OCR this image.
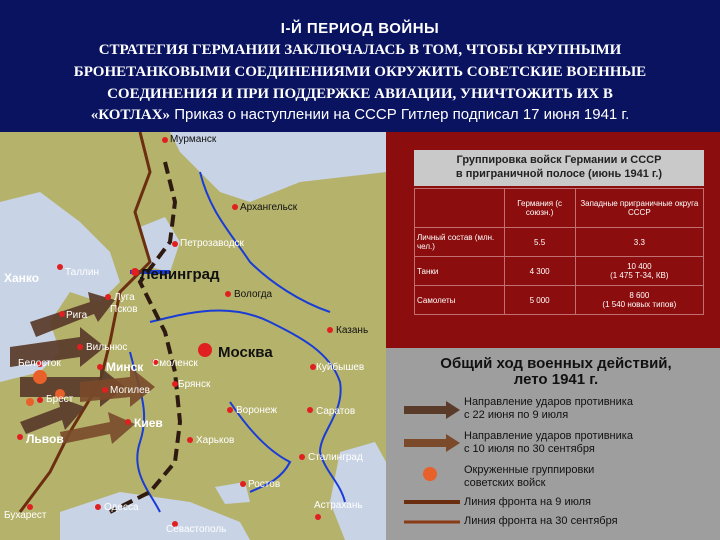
I-Й ПЕРИОД ВОЙНЫ
СТРАТЕГИЯ ГЕРМАНИИ ЗАКЛЮЧАЛАСЬ В ТОМ, ЧТОБЫ КРУПНЫМИ
БРОНЕТАНКОВЫМИ СОЕДИНЕНИЯМИ ОКРУЖИТЬ СОВЕТСКИЕ ВОЕННЫЕ
СОЕДИНЕНИЯ И ПРИ ПОДДЕРЖКЕ АВИАЦИИ, УНИЧТОЖИТЬ ИХ В
«КОТЛАХ» Приказ о наступлении на СССР Гитлер подписал 17 июня 1941 г.
Мурманск
Архангельск
Петрозаводск
Ханко	Таллин	Ленинград
Вологда
Луга
Псков
Рига
Казань
Вильнюс	Москва
Белосток	Минск Смоленск	Куйбышев
Брянск
Брест
Могилев
Воронеж	Саратов
Киев
Львов	Харьков
Сталинград
Ростов
Астрахань
Бухарест
Одесса
Севастополь
Группировка войск Германии и СССР
в приграничной полосе (июнь 1941 г.)
	Германия (с союзн.)	Западные приграничные округа СССР
Личный состав (млн. чел.)	5.5	3.3

Танки	4 300	10 400
(1 475 Т-34, КВ)

Самолеты	5 000	8 600
(1 540 новых типов)
Общий ход военных действий,
лето 1941 г.
Направление ударов противника
с 22 июня по 9 июля
Направление ударов противника
с 10 июля по 30 сентября
Окруженные группировки
советских войск
Линия фронта на 9 июля
Линия фронта на 30 сентября
